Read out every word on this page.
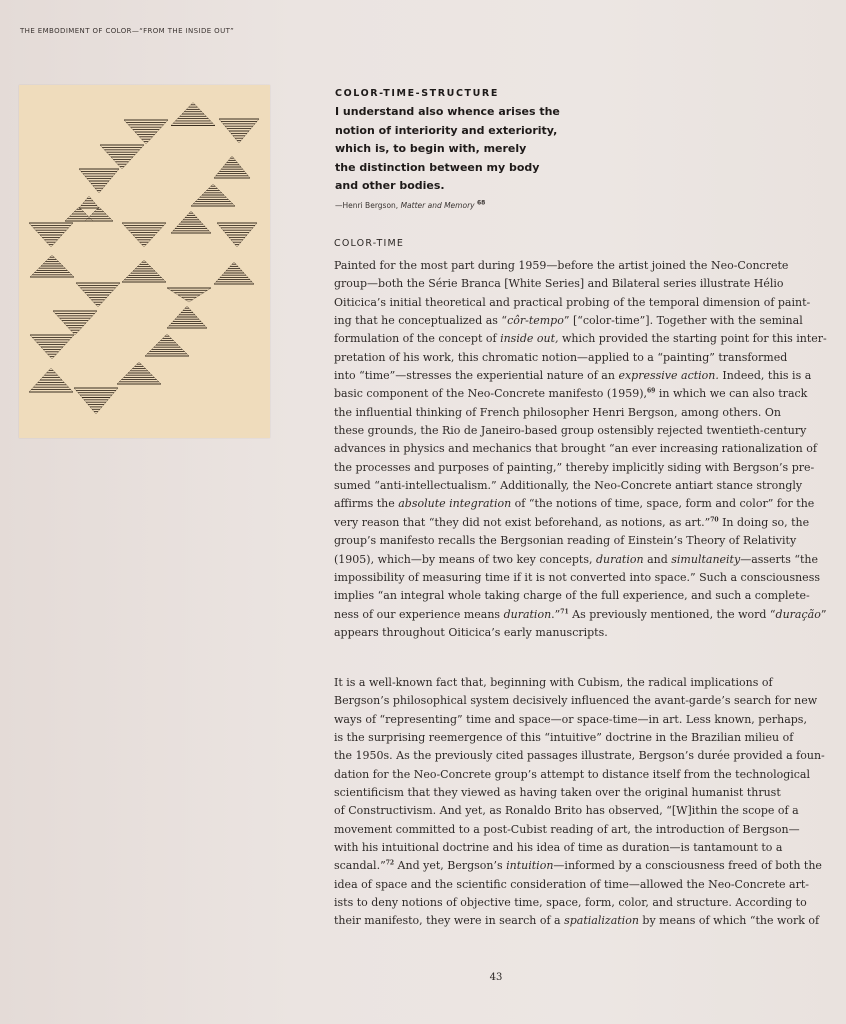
THE EMBODIMENT OF COLOR—“FROM THE INSIDE OUT”
COLOR-TIME-STRUCTURE

I understand also whence arises the
notion of interiority and exteriority,
which is, to begin with, merely
the distinction between my body
and other bodies.

—Henri Bergson, Matter and Memory $^{68}$
COLOR-TIME
Painted for the most part during 1959—before the artist joined the Neo-Concrete
group—both the Série Branca [White Series] and Bilateral series illustrate Hélio
Oiticica’s initial theoretical and practical probing of the temporal dimension of paint-
ing that he conceptualized as “côr-tempo” [“color-time”]. Together with the seminal
formulation of the concept of inside out, which provided the starting point for this inter-
pretation of his work, this chromatic notion—applied to a “painting” transformed
into “time”—stresses the experiential nature of an expressive action. Indeed, this is a
basic component of the Neo-Concrete manifesto (1959),$^{69}$ in which we can also track
the influential thinking of French philosopher Henri Bergson, among others. On
these grounds, the Rio de Janeiro-based group ostensibly rejected twentieth-century
advances in physics and mechanics that brought “an ever increasing rationalization of
the processes and purposes of painting,” thereby implicitly siding with Bergson’s pre-
sumed “anti-intellectualism.” Additionally, the Neo-Concrete antiart stance strongly
affirms the absolute integration of “the notions of time, space, form and color” for the
very reason that “they did not exist beforehand, as notions, as art.”$^{70}$ In doing so, the
group’s manifesto recalls the Bergsonian reading of Einstein’s Theory of Relativity
(1905), which—by means of two key concepts, duration and simultaneity—asserts “the
impossibility of measuring time if it is not converted into space.” Such a consciousness
implies “an integral whole taking charge of the full experience, and such a complete-
ness of our experience means duration.”$^{71}$ As previously mentioned, the word “duração”
appears throughout Oiticica’s early manuscripts.
It is a well-known fact that, beginning with Cubism, the radical implications of
Bergson’s philosophical system decisively influenced the avant-garde’s search for new
ways of “representing” time and space—or space-time—in art. Less known, perhaps,
is the surprising reemergence of this “intuitive” doctrine in the Brazilian milieu of
the 1950s. As the previously cited passages illustrate, Bergson’s durée provided a foun-
dation for the Neo-Concrete group’s attempt to distance itself from the technological
scientificism that they viewed as having taken over the original humanist thrust
of Constructivism. And yet, as Ronaldo Brito has observed, “[W]ithin the scope of a
movement committed to a post-Cubist reading of art, the introduction of Bergson—
with his intuitional doctrine and his idea of time as duration—is tantamount to a
scandal.”$^{72}$ And yet, Bergson’s intuition—informed by a consciousness freed of both the
idea of space and the scientific consideration of time—allowed the Neo-Concrete art-
ists to deny notions of objective time, space, form, color, and structure. According to
their manifesto, they were in search of a spatialization by means of which “the work of
43
